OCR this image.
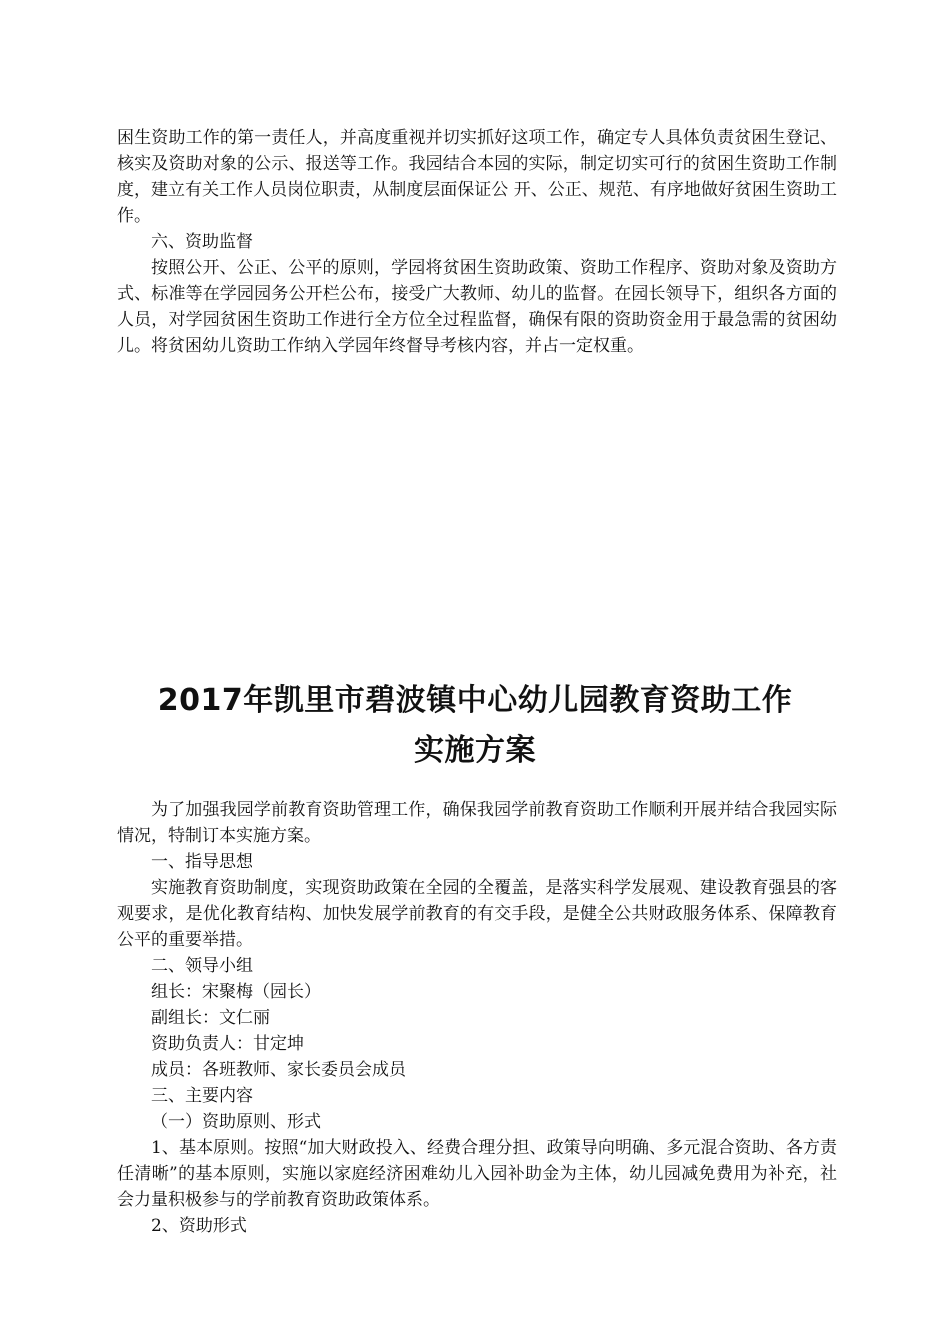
困生资助工作的第一责任人，并高度重视并切实抓好这项工作，确定专人具体负责贫困生登记、核实及资助对象的公示、报送等工作。我园结合本园的实际，制定切实可行的贫困生资助工作制度，建立有关工作人员岗位职责，从制度层面保证公 开、公正、规范、有序地做好贫困生资助工作。

六、资助监督

按照公开、公正、公平的原则，学园将贫困生资助政策、资助工作程序、资助对象及资助方式、标准等在学园园务公开栏公布，接受广大教师、幼儿的监督。在园长领导下，组织各方面的人员，对学园贫困生资助工作进行全方位全过程监督，确保有限的资助资金用于最急需的贫困幼儿。将贫困幼儿资助工作纳入学园年终督导考核内容，并占一定权重。

2017年凯里市碧波镇中心幼儿园教育资助工作

实施方案

为了加强我园学前教育资助管理工作，确保我园学前教育资助工作顺利开展并结合我园实际情况，特制订本实施方案。

一、指导思想

实施教育资助制度，实现资助政策在全园的全覆盖，是落实科学发展观、建设教育强县的客观要求，是优化教育结构、加快发展学前教育的有交手段，是健全公共财政服务体系、保障教育公平的重要举措。

二、领导小组

组长：宋聚梅（园长）

副组长：文仁丽

资助负责人：甘定坤

成员：各班教师、家长委员会成员

三、主要内容

（一）资助原则、形式

1、基本原则。按照“加大财政投入、经费合理分担、政策导向明确、多元混合资助、各方责任清晰”的基本原则，实施以家庭经济困难幼儿入园补助金为主体，幼儿园减免费用为补充，社会力量积极参与的学前教育资助政策体系。

2、资助形式
